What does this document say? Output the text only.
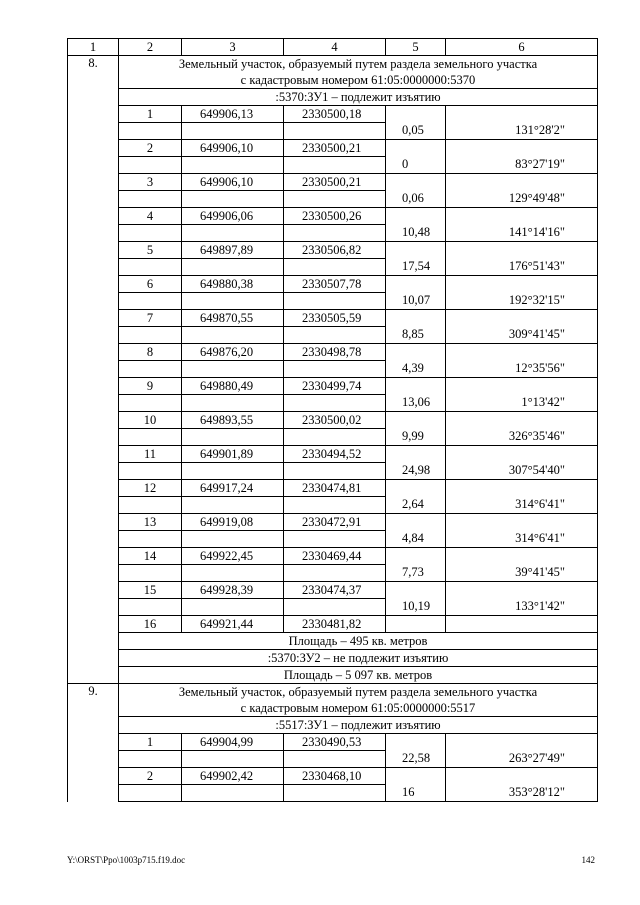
1	2	3	4	5	6
8.	Земельный участок, образуемый путем раздела земельного участка
с кадастровым номером 61:05:0000000:5370				

	:5370:ЗУ1 – подлежит изъятию				
	1	649906,13	2330500,18		
				0,05	131°28'2"
	2	649906,10	2330500,21		
				0	83°27'19"
	3	649906,10	2330500,21		
				0,06	129°49'48"
	4	649906,06	2330500,26		
				10,48	141°14'16"
	5	649897,89	2330506,82		
				17,54	176°51'43"
	6	649880,38	2330507,78		
				10,07	192°32'15"
	7	649870,55	2330505,59		
				8,85	309°41'45"
	8	649876,20	2330498,78		
				4,39	12°35'56"
	9	649880,49	2330499,74		
				13,06	1°13'42"
	10	649893,55	2330500,02		
				9,99	326°35'46"
	11	649901,89	2330494,52		
				24,98	307°54'40"
	12	649917,24	2330474,81		
				2,64	314°6'41"
	13	649919,08	2330472,91		
				4,84	314°6'41"
	14	649922,45	2330469,44		
				7,73	39°41'45"
	15	649928,39	2330474,37		
				10,19	133°1'42"
	16	649921,44	2330481,82		
	Площадь – 495 кв. метров				
	:5370:ЗУ2 – не подлежит изъятию				
	Площадь – 5 097 кв. метров				
9.	Земельный участок, образуемый путем раздела земельного участка
с кадастровым номером 61:05:0000000:5517				

	:5517:ЗУ1 – подлежит изъятию				
	1	649904,99	2330490,53		
				22,58	263°27'49"
	2	649902,42	2330468,10		
				16	353°28'12"
Y:\ORST\Ppo\1003p715.f19.doc	142
